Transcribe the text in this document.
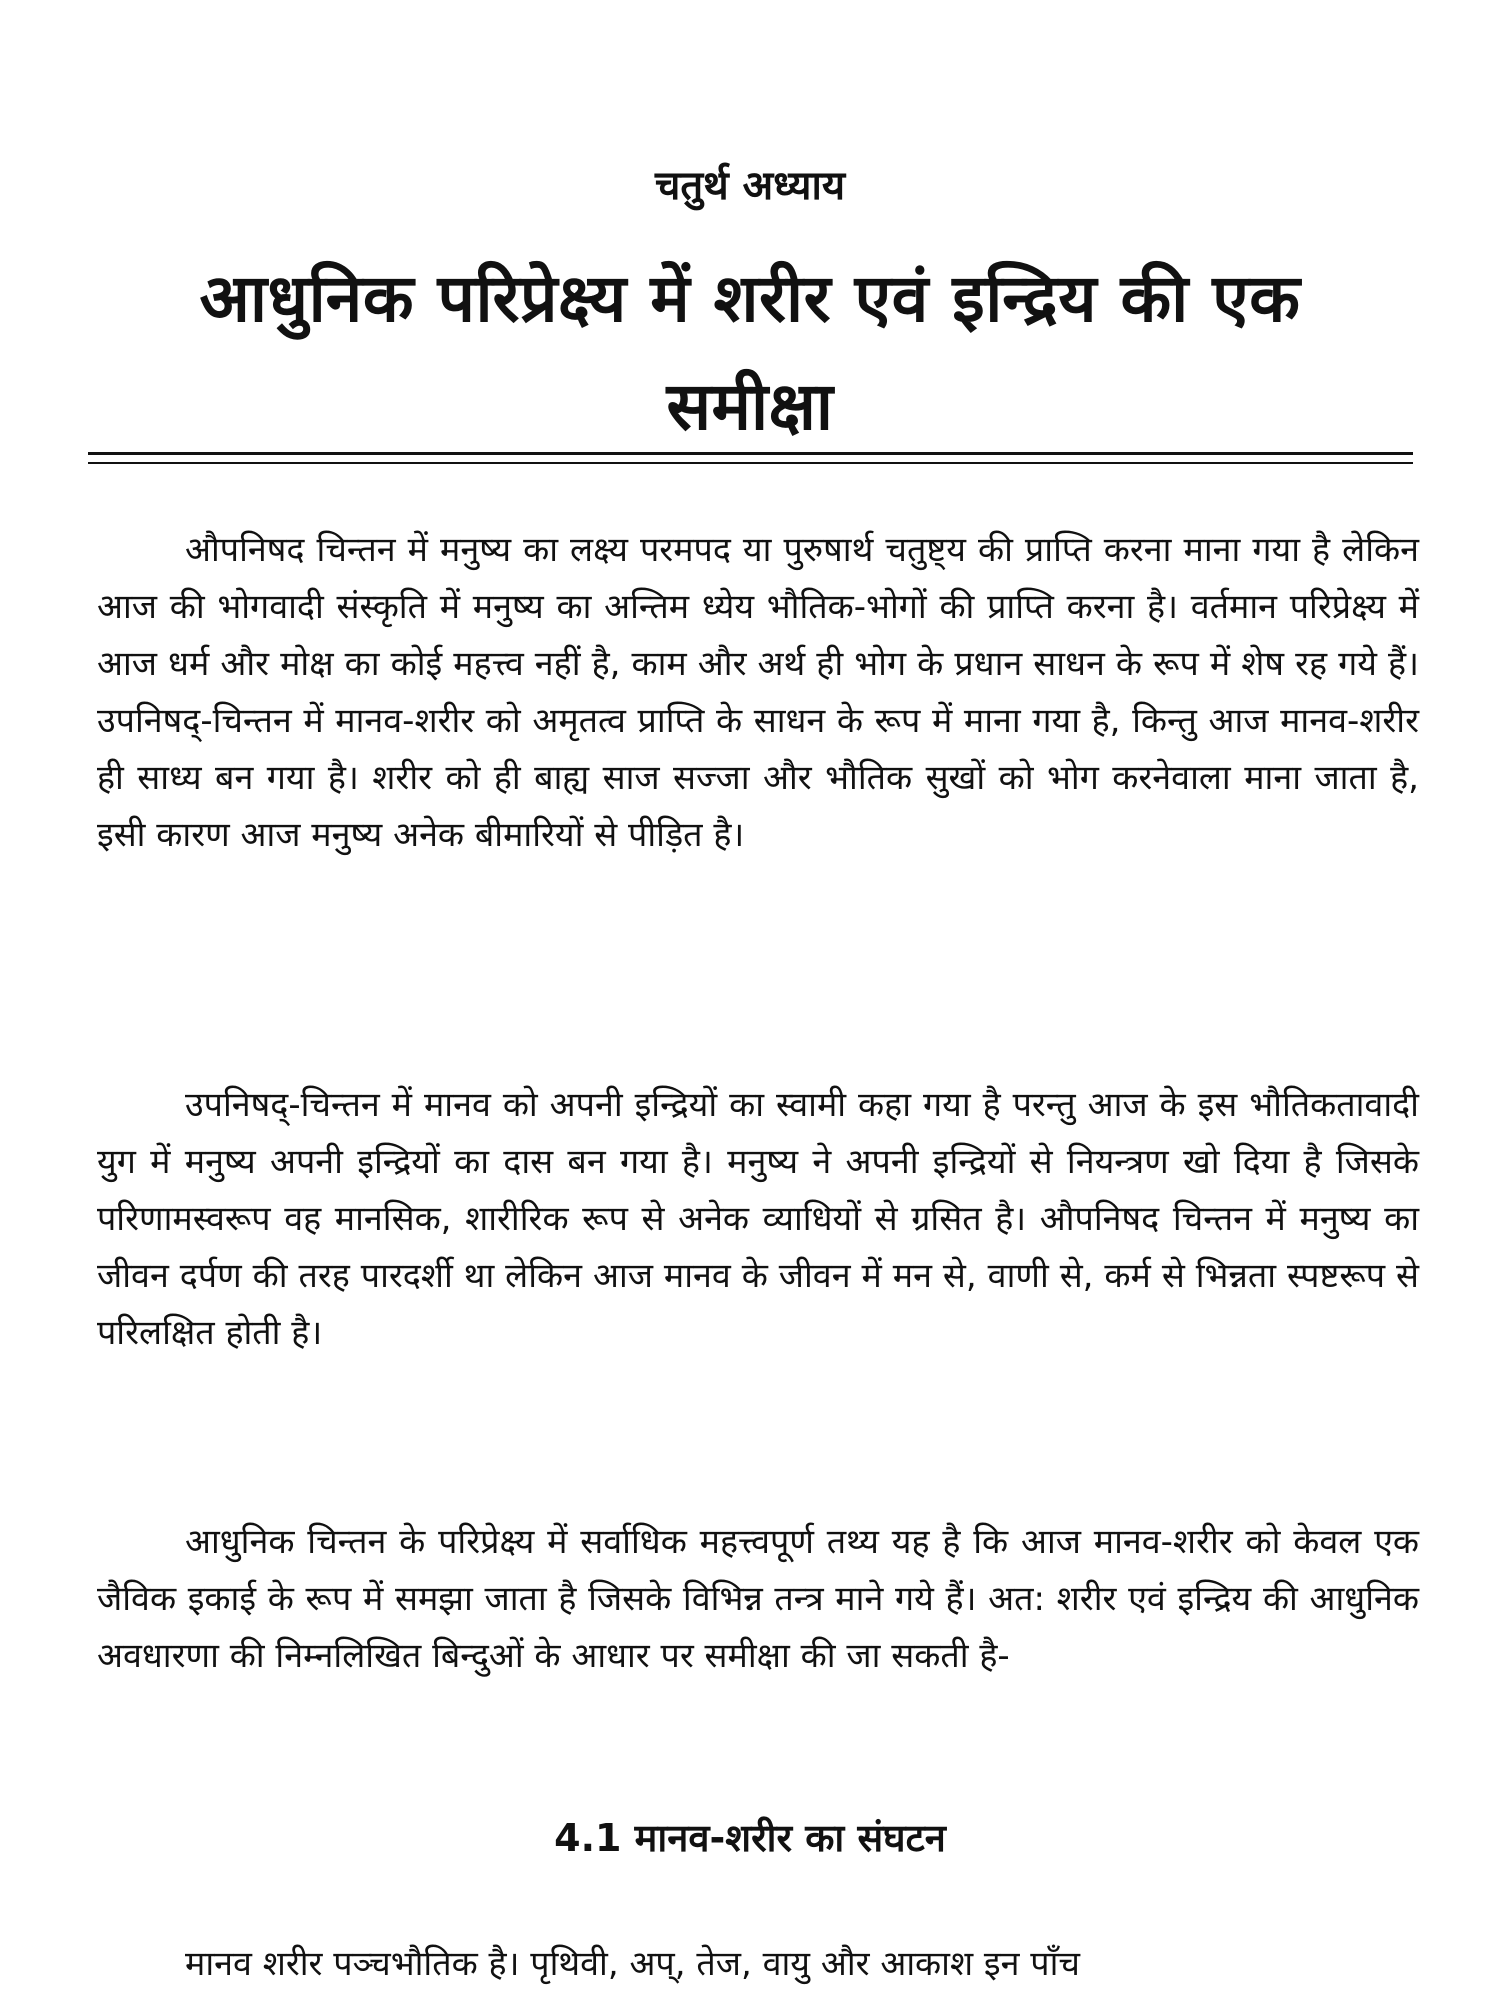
चतुर्थ अध्याय
आधुनिक परिप्रेक्ष्य में शरीर एवं इन्द्रिय की एक समीक्षा

औपनिषद चिन्तन में मनुष्य का लक्ष्य परमपद या पुरुषार्थ चतुष्ट्य की प्राप्ति करना माना गया है लेकिन आज की भोगवादी संस्कृति में मनुष्य का अन्तिम ध्येय भौतिक-भोगों की प्राप्ति करना है। वर्तमान परिप्रेक्ष्य में आज धर्म और मोक्ष का कोई महत्त्व नहीं है, काम और अर्थ ही भोग के प्रधान साधन के रूप में शेष रह गये हैं। उपनिषद्-चिन्तन में मानव-शरीर को अमृतत्व प्राप्ति के साधन के रूप में माना गया है, किन्तु आज मानव-शरीर ही साध्य बन गया है। शरीर को ही बाह्य साज सज्जा और भौतिक सुखों को भोग करनेवाला माना जाता है, इसी कारण आज मनुष्य अनेक बीमारियों से पीड़ित है।

उपनिषद्-चिन्तन में मानव को अपनी इन्द्रियों का स्वामी कहा गया है परन्तु आज के इस भौतिकतावादी युग में मनुष्य अपनी इन्द्रियों का दास बन गया है। मनुष्य ने अपनी इन्द्रियों से नियन्त्रण खो दिया है जिसके परिणामस्वरूप वह मानसिक, शारीरिक रूप से अनेक व्याधियों से ग्रसित है। औपनिषद चिन्तन में मनुष्य का जीवन दर्पण की तरह पारदर्शी था लेकिन आज मानव के जीवन में मन से, वाणी से, कर्म से भिन्नता स्पष्टरूप से परिलक्षित होती है।

आधुनिक चिन्तन के परिप्रेक्ष्य में सर्वाधिक महत्त्वपूर्ण तथ्य यह है कि आज मानव-शरीर को केवल एक जैविक इकाई के रूप में समझा जाता है जिसके विभिन्न तन्त्र माने गये हैं। अत: शरीर एवं इन्द्रिय की आधुनिक अवधारणा की निम्नलिखित बिन्दुओं के आधार पर समीक्षा की जा सकती है-

4.1 मानव-शरीर का संघटन

मानव शरीर पञ्चभौतिक है। पृथिवी, अप्, तेज, वायु और आकाश इन पाँच
